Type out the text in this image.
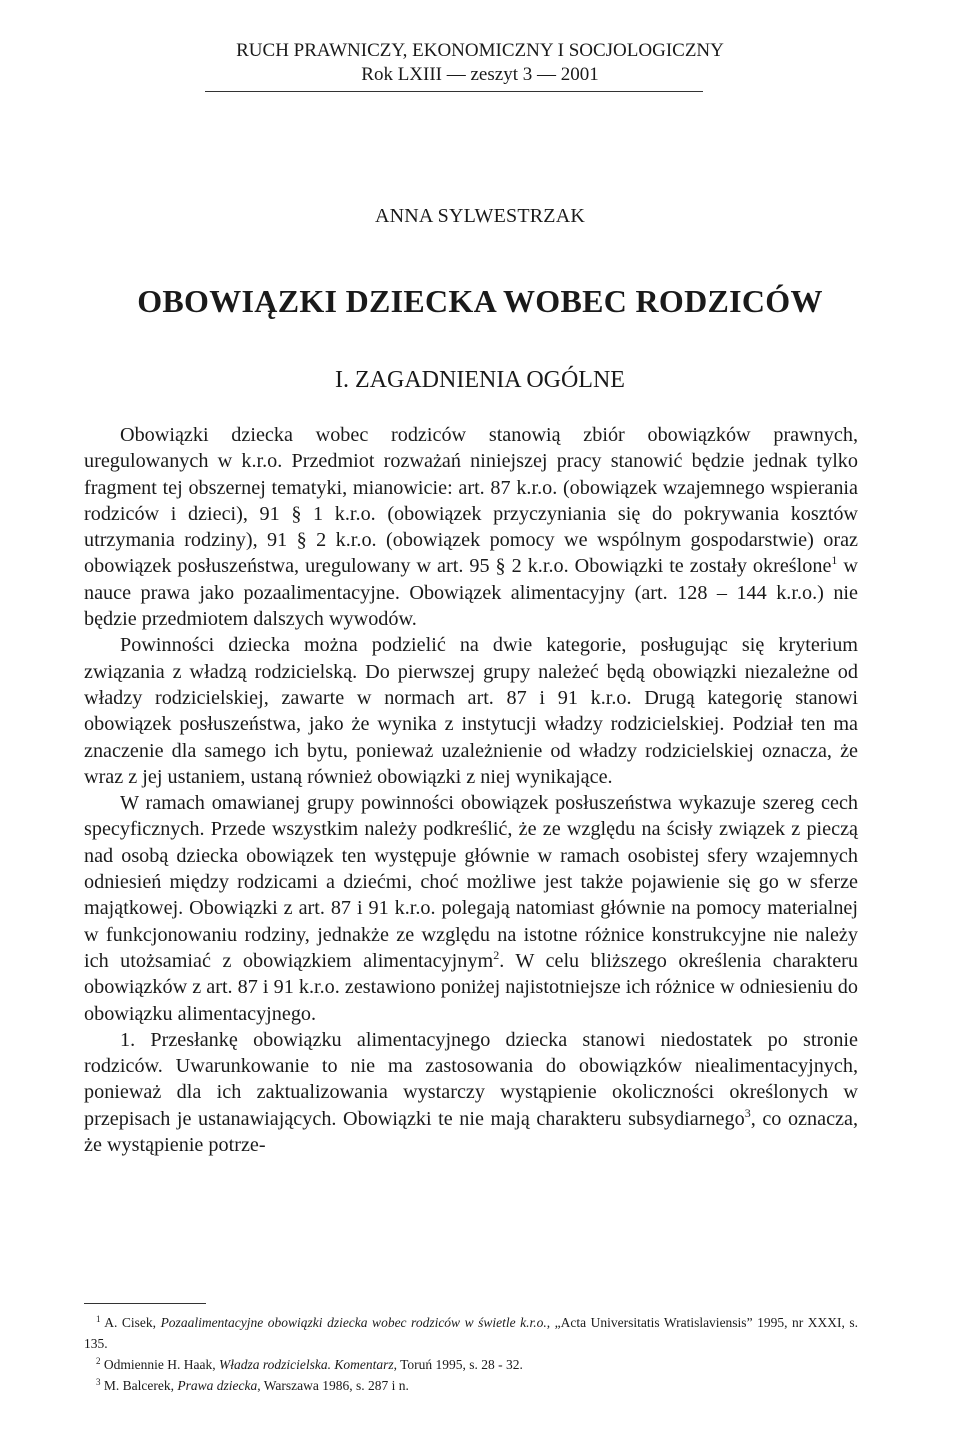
RUCH PRAWNICZY, EKONOMICZNY I SOCJOLOGICZNY
Rok LXIII — zeszyt 3 — 2001
ANNA SYLWESTRZAK
OBOWIĄZKI DZIECKA WOBEC RODZICÓW
I. ZAGADNIENIA OGÓLNE

Obowiązki dziecka wobec rodziców stanowią zbiór obowiązków prawnych, uregulowanych w k.r.o. Przedmiot rozważań niniejszej pracy stanowić będzie jednak tylko fragment tej obszernej tematyki, mianowicie: art. 87 k.r.o. (obowiązek wzajemnego wspierania rodziców i dzieci), 91 § 1 k.r.o. (obowiązek przyczyniania się do pokrywania kosztów utrzymania rodziny), 91 § 2 k.r.o. (obowiązek pomocy we wspólnym gospodarstwie) oraz obowiązek posłuszeństwa, uregulowany w art. 95 § 2 k.r.o. Obowiązki te zostały określone$^1$ w nauce prawa jako pozaalimentacyjne. Obowiązek alimentacyjny (art. 128 – 144 k.r.o.) nie będzie przedmiotem dalszych wywodów.

Powinności dziecka można podzielić na dwie kategorie, posługując się kryterium związania z władzą rodzicielską. Do pierwszej grupy należeć będą obowiązki niezależne od władzy rodzicielskiej, zawarte w normach art. 87 i 91 k.r.o. Drugą kategorię stanowi obowiązek posłuszeństwa, jako że wynika z instytucji władzy rodzicielskiej. Podział ten ma znaczenie dla samego ich bytu, ponieważ uzależnienie od władzy rodzicielskiej oznacza, że wraz z jej ustaniem, ustaną również obowiązki z niej wynikające.

W ramach omawianej grupy powinności obowiązek posłuszeństwa wykazuje szereg cech specyficznych. Przede wszystkim należy podkreślić, że ze względu na ścisły związek z pieczą nad osobą dziecka obowiązek ten występuje głównie w ramach osobistej sfery wzajemnych odniesień między rodzicami a dziećmi, choć możliwe jest także pojawienie się go w sferze majątkowej. Obowiązki z art. 87 i 91 k.r.o. polegają natomiast głównie na pomocy materialnej w funkcjonowaniu rodziny, jednakże ze względu na istotne różnice konstrukcyjne nie należy ich utożsamiać z obowiązkiem alimentacyjnym$^2$. W celu bliższego określenia charakteru obowiązków z art. 87 i 91 k.r.o. zestawiono poniżej najistotniejsze ich różnice w odniesieniu do obowiązku alimentacyjnego.

1. Przesłankę obowiązku alimentacyjnego dziecka stanowi niedostatek po stronie rodziców. Uwarunkowanie to nie ma zastosowania do obowiązków niealimentacyjnych, ponieważ dla ich zaktualizowania wystarczy wystąpienie okoliczności określonych w przepisach je ustanawiających. Obowiązki te nie mają charakteru subsydiarnego$^3$, co oznacza, że wystąpienie potrze-

$^1$ A. Cisek, Pozaalimentacyjne obowiązki dziecka wobec rodziców w świetle k.r.o., „Acta Universitatis Wratislaviensis” 1995, nr XXXI, s. 135.

$^2$ Odmiennie H. Haak, Władza rodzicielska. Komentarz, Toruń 1995, s. 28 - 32.

$^3$ M. Balcerek, Prawa dziecka, Warszawa 1986, s. 287 i n.
